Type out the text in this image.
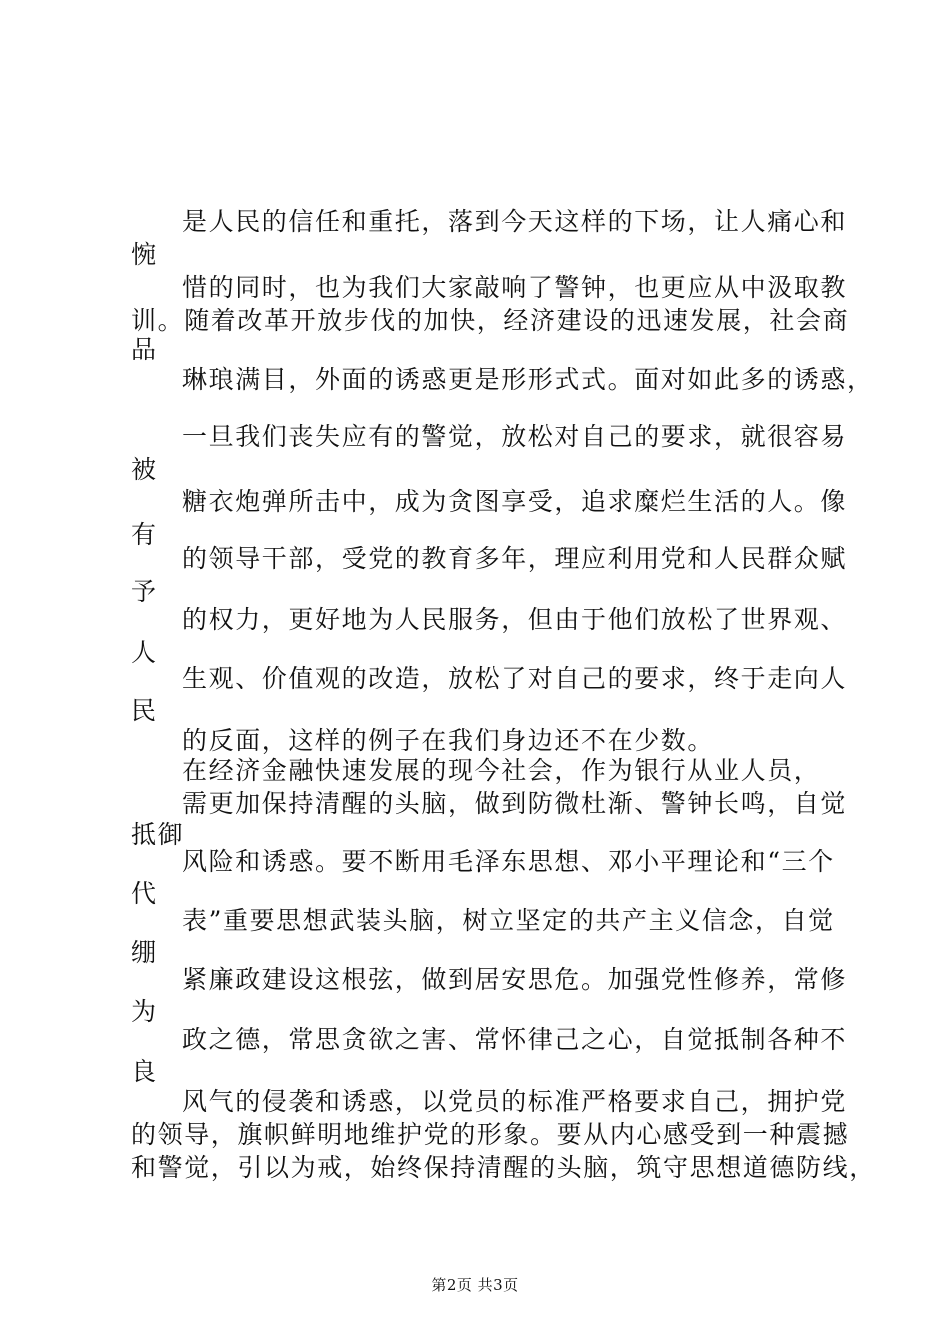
是人民的信任和重托，落到今天这样的下场，让人痛心和
惋
惜的同时，也为我们大家敲响了警钟，也更应从中汲取教
训。随着改革开放步伐的加快，经济建设的迅速发展，社会商
品
琳琅满目，外面的诱惑更是形形式式。面对如此多的诱惑，
一旦我们丧失应有的警觉，放松对自己的要求，就很容易
被
糖衣炮弹所击中，成为贪图享受，追求糜烂生活的人。像
有
的领导干部，受党的教育多年，理应利用党和人民群众赋
予
的权力，更好地为人民服务，但由于他们放松了世界观、
人
生观、价值观的改造，放松了对自己的要求，终于走向人
民
的反面，这样的例子在我们身边还不在少数。
在经济金融快速发展的现今社会，作为银行从业人员，
需更加保持清醒的头脑，做到防微杜渐、警钟长鸣，自觉
抵御
风险和诱惑。要不断用毛泽东思想、邓小平理论和“三个
代
表”重要思想武装头脑，树立坚定的共产主义信念，自觉
绷
紧廉政建设这根弦，做到居安思危。加强党性修养，常修
为
政之德，常思贪欲之害、常怀律己之心，自觉抵制各种不
良
风气的侵袭和诱惑，以党员的标准严格要求自己，拥护党
的领导，旗帜鲜明地维护党的形象。要从内心感受到一种震撼
和警觉，引以为戒，始终保持清醒的头脑，筑守思想道德防线，
第2页 共3页
